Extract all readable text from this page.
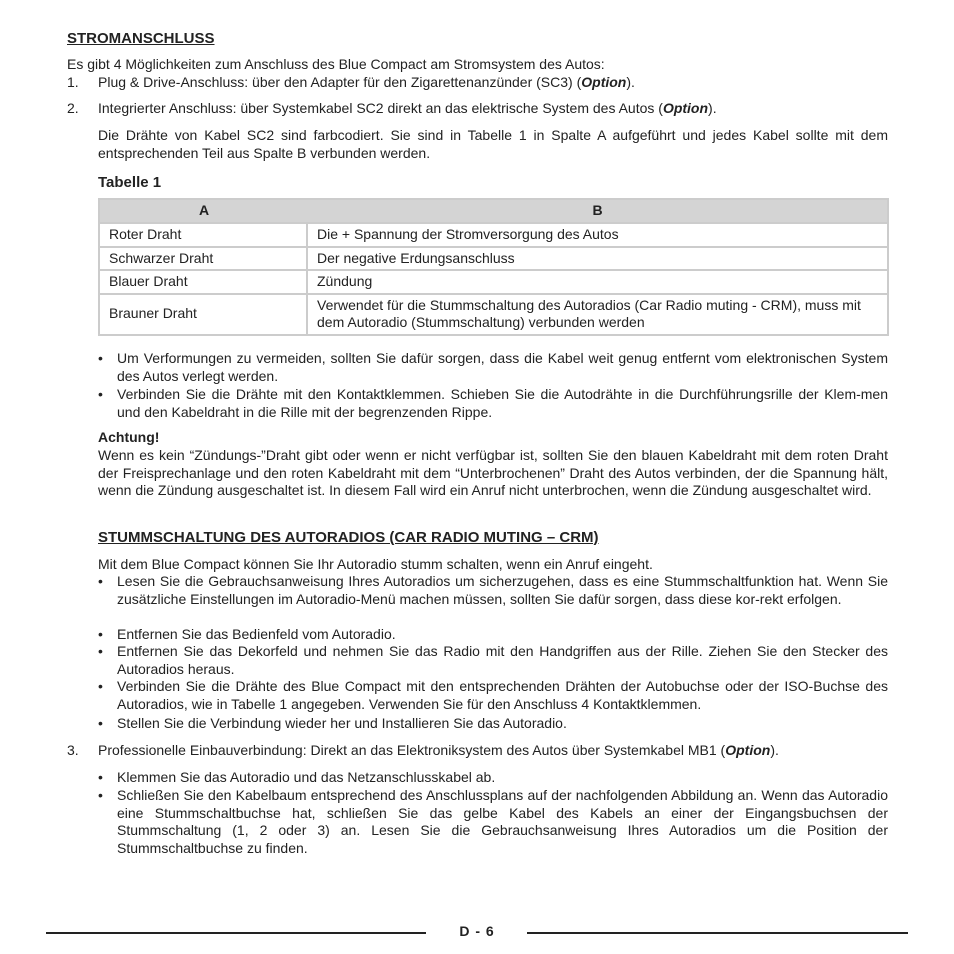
STROMANSCHLUSS

Es gibt 4 Möglichkeiten zum Anschluss des Blue Compact am Stromsystem des Autos:

1. Plug & Drive-Anschluss: über den Adapter für den Zigarettenanzünder (SC3) (Option).
2. Integrierter Anschluss: über Systemkabel SC2 direkt an das elektrische System des Autos (Option).

Die Drähte von Kabel SC2 sind farbcodiert. Sie sind in Tabelle 1 in Spalte A aufgeführt und jedes Kabel sollte mit dem entsprechenden Teil aus Spalte B verbunden werden.

Tabelle 1
A	B
Roter Draht	Die + Spannung der Stromversorgung des Autos
Schwarzer Draht	Der negative Erdungsanschluss
Blauer Draht	Zündung
Brauner Draht	Verwendet für die Stummschaltung des Autoradios (Car Radio muting - CRM), muss mit dem Autoradio (Stummschaltung) verbunden werden
• Um Verformungen zu vermeiden, sollten Sie dafür sorgen, dass die Kabel weit genug entfernt vom elektronischen System des Autos verlegt werden.
• Verbinden Sie die Drähte mit den Kontaktklemmen. Schieben Sie die Autodrähte in die Durchführungsrille der Klem-men und den Kabeldraht in die Rille mit der begrenzenden Rippe.
Achtung!

Wenn es kein “Zündungs-”Draht gibt oder wenn er nicht verfügbar ist, sollten Sie den blauen Kabeldraht mit dem roten Draht der Freisprechanlage und den roten Kabeldraht mit dem “Unterbrochenen” Draht des Autos verbinden, der die Spannung hält, wenn die Zündung ausgeschaltet ist. In diesem Fall wird ein Anruf nicht unterbrochen, wenn die Zündung ausgeschaltet wird.

STUMMSCHALTUNG DES AUTORADIOS (CAR RADIO MUTING – CRM)

Mit dem Blue Compact können Sie Ihr Autoradio stumm schalten, wenn ein Anruf eingeht.

• Lesen Sie die Gebrauchsanweisung Ihres Autoradios um sicherzugehen, dass es eine Stummschaltfunktion hat. Wenn Sie zusätzliche Einstellungen im Autoradio-Menü machen müssen, sollten Sie dafür sorgen, dass diese kor-rekt erfolgen.
• Entfernen Sie das Bedienfeld vom Autoradio.
• Entfernen Sie das Dekorfeld und nehmen Sie das Radio mit den Handgriffen aus der Rille. Ziehen Sie den Stecker des Autoradios heraus.
• Verbinden Sie die Drähte des Blue Compact mit den entsprechenden Drähten der Autobuchse oder der ISO-Buchse des Autoradios, wie in Tabelle 1 angegeben. Verwenden Sie für den Anschluss 4 Kontaktklemmen.
• Stellen Sie die Verbindung wieder her und Installieren Sie das Autoradio.
3. Professionelle Einbauverbindung: Direkt an das Elektroniksystem des Autos über Systemkabel MB1 (Option).
• Klemmen Sie das Autoradio und das Netzanschlusskabel ab.
• Schließen Sie den Kabelbaum entsprechend des Anschlussplans auf der nachfolgenden Abbildung an. Wenn das Autoradio eine Stummschaltbuchse hat, schließen Sie das gelbe Kabel des Kabels an einer der Eingangsbuchsen der Stummschaltung (1, 2 oder 3) an. Lesen Sie die Gebrauchsanweisung Ihres Autoradios um die Position der Stummschaltbuchse zu finden.
D - 6
